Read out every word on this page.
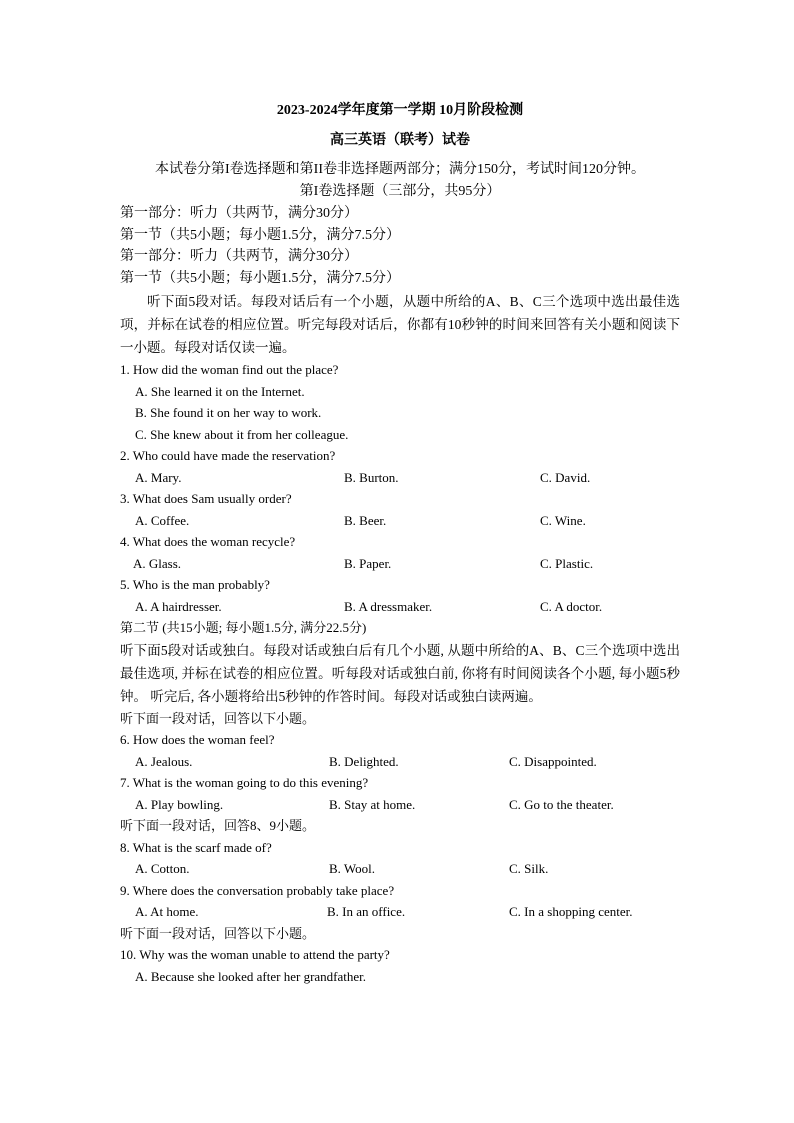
2023-2024学年度第一学期 10月阶段检测
高三英语（联考）试卷
本试卷分第I卷选择题和第II卷非选择题两部分；满分150分，考试时间120分钟。
第I卷选择题（三部分，共95分）
第一部分：听力（共两节，满分30分）
第一节（共5小题；每小题1.5分，满分7.5分）
第一部分：听力（共两节，满分30分）
第一节（共5小题；每小题1.5分，满分7.5分）
听下面5段对话。每段对话后有一个小题，从题中所给的A、B、C三个选项中选出最佳选项，并标在试卷的相应位置。听完每段对话后，你都有10秒钟的时间来回答有关小题和阅读下一小题。每段对话仅读一遍。
1. How did the woman find out the place?
A. She learned it on the Internet.
B. She found it on her way to work.
C. She knew about it from her colleague.
2. Who could have made the reservation?
A. Mary.	B. Burton.	C. David.
3. What does Sam usually order?
A. Coffee.	B. Beer.	C. Wine.
4. What does the woman recycle?
A. Glass.	B. Paper.	C. Plastic.
5. Who is the man probably?
A. A hairdresser.	B. A dressmaker.	C. A doctor.
第二节 (共15小题; 每小题1.5分, 满分22.5分)
听下面5段对话或独白。每段对话或独白后有几个小题, 从题中所给的A、B、C三个选项中选出最佳选项, 并标在试卷的相应位置。听每段对话或独白前, 你将有时间阅读各个小题, 每小题5秒钟。 听完后, 各小题将给出5秒钟的作答时间。每段对话或独白读两遍。
听下面一段对话，回答以下小题。
6. How does the woman feel?
A. Jealous.	B. Delighted.	C. Disappointed.
7. What is the woman going to do this evening?
A. Play bowling.	B. Stay at home.	C. Go to the theater.
听下面一段对话，回答8、9小题。
8. What is the scarf made of?
A. Cotton.	B. Wool.	C. Silk.
9. Where does the conversation probably take place?
A. At home.	B. In an office.	C. In a shopping center.
听下面一段对话，回答以下小题。
10. Why was the woman unable to attend the party?
A. Because she looked after her grandfather.
